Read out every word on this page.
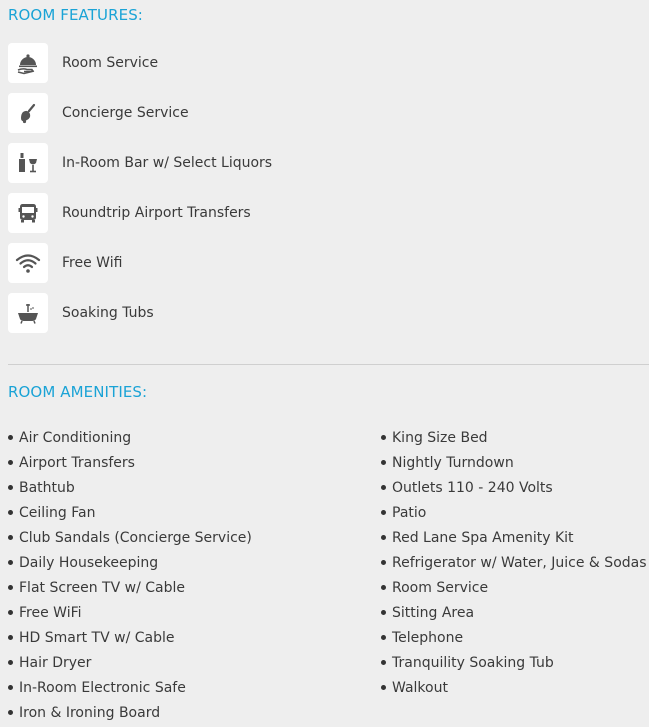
ROOM FEATURES:
Room Service
Concierge Service
In-Room Bar w/ Select Liquors
Roundtrip Airport Transfers
Free Wifi
Soaking Tubs
ROOM AMENITIES:
Air Conditioning
Airport Transfers
Bathtub
Ceiling Fan
Club Sandals (Concierge Service)
Daily Housekeeping
Flat Screen TV w/ Cable
Free WiFi
HD Smart TV w/ Cable
Hair Dryer
In-Room Electronic Safe
Iron & Ironing Board
King Size Bed
Nightly Turndown
Outlets 110 - 240 Volts
Patio
Red Lane Spa Amenity Kit
Refrigerator w/ Water, Juice & Sodas
Room Service
Sitting Area
Telephone
Tranquility Soaking Tub
Walkout
